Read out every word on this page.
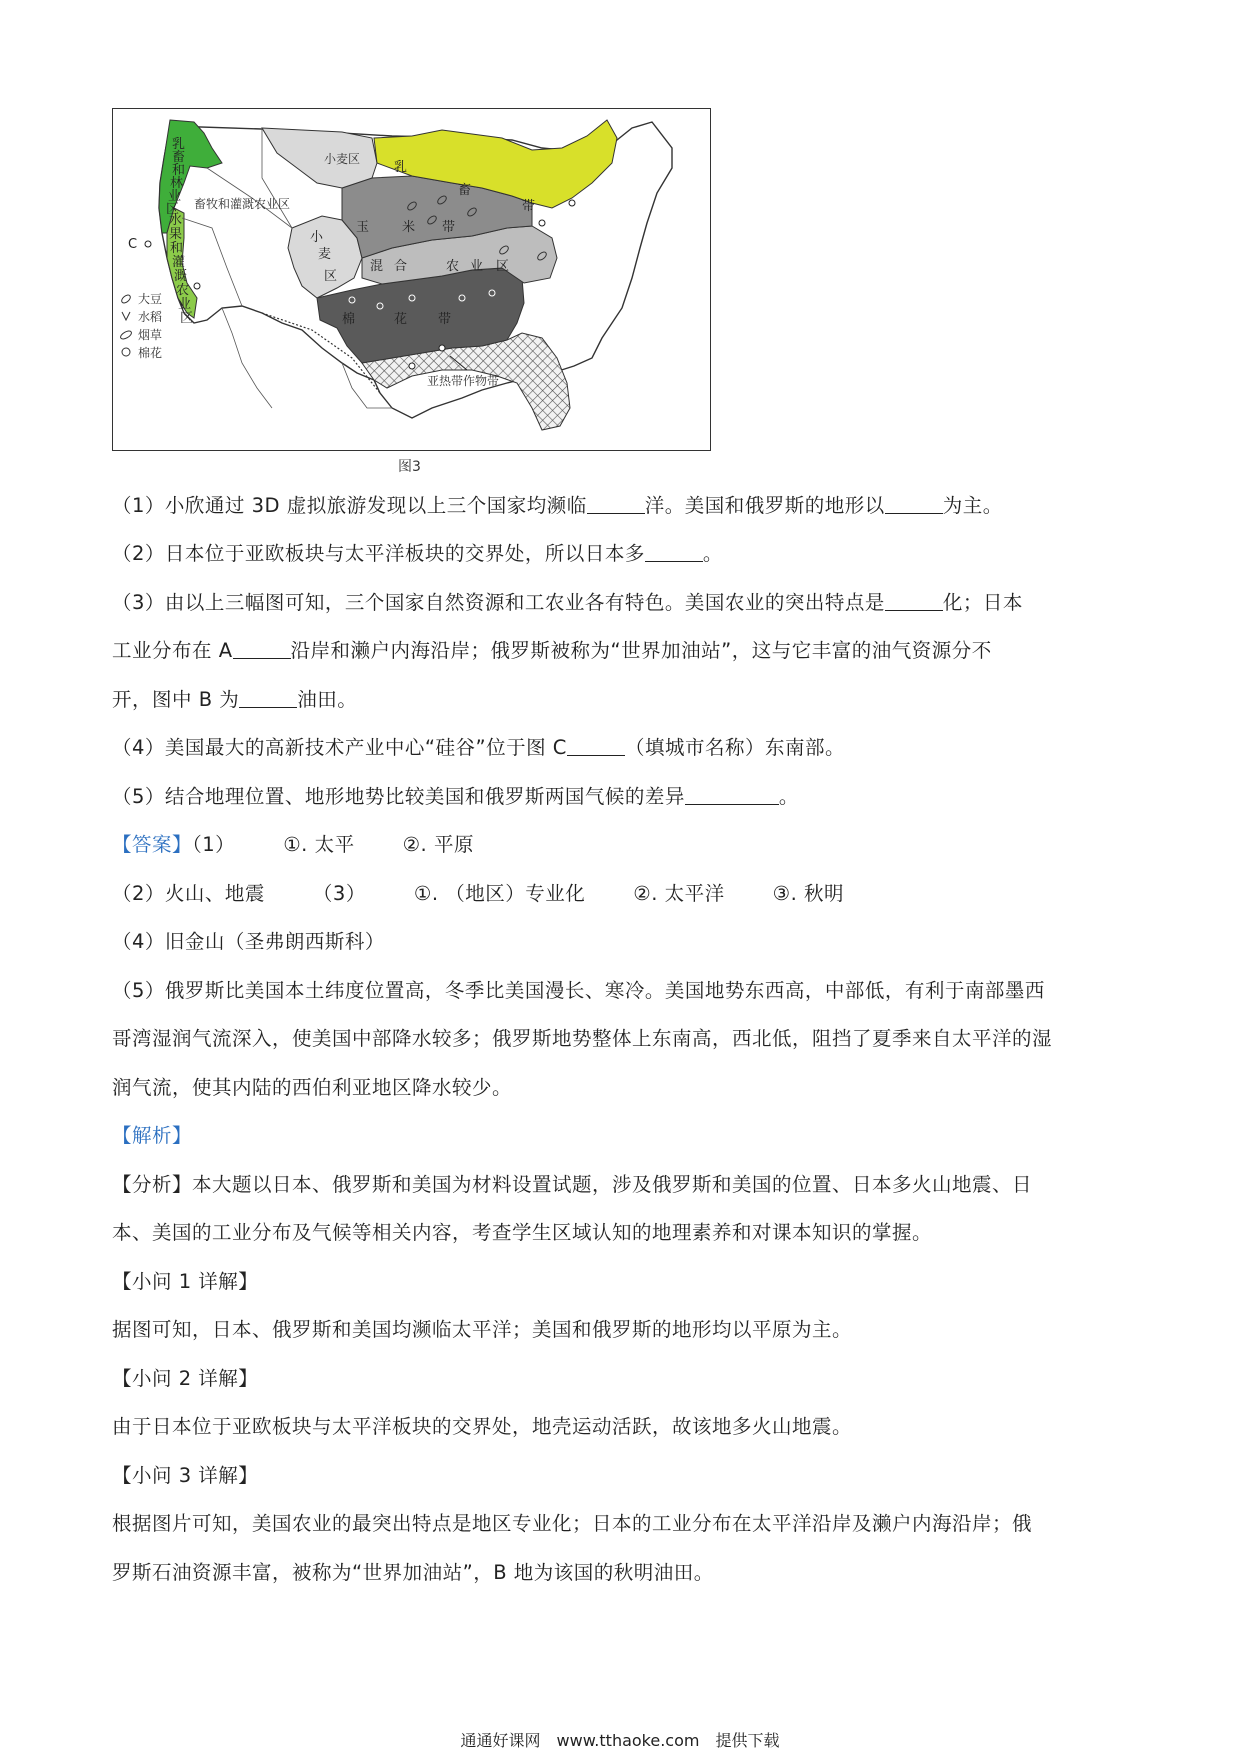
畜牧和灌溉农业区
小麦区
亚热带作物带
C	小
麦
区
乳
畜
带
玉	米 带
混 合	农 业 区
棉	花 带
乳
畜
和
林
业
区
水
果
和
灌
溉
农
业
区
大豆
水稻
烟草
棉花
图3
（1）小欣通过 3D 虚拟旅游发现以上三个国家均濒临	洋。美国和俄罗斯的地形以	为主。
（2）日本位于亚欧板块与太平洋板块的交界处，所以日本多	。
（3）由以上三幅图可知，三个国家自然资源和工农业各有特色。美国农业的突出特点是	化；日本
工业分布在 A	沿岸和濑户内海沿岸；俄罗斯被称为“世界加油站”，这与它丰富的油气资源分不
开，图中 B 为	油田。
（4）美国最大的高新技术产业中心“硅谷”位于图 C	（填城市名称）东南部。
（5）结合地理位置、地形地势比较美国和俄罗斯两国气候的差异	。
【答案】（1） ①. 太平 ②. 平原
（2）火山、地震 （3） ①. （地区）专业化 ②. 太平洋 ③. 秋明
（4）旧金山（圣弗朗西斯科）
（5）俄罗斯比美国本土纬度位置高，冬季比美国漫长、寒冷。美国地势东西高，中部低，有利于南部墨西
哥湾湿润气流深入，使美国中部降水较多；俄罗斯地势整体上东南高，西北低，阻挡了夏季来自太平洋的湿
润气流，使其内陆的西伯利亚地区降水较少。
【解析】
【分析】本大题以日本、俄罗斯和美国为材料设置试题，涉及俄罗斯和美国的位置、日本多火山地震、日
本、美国的工业分布及气候等相关内容，考查学生区域认知的地理素养和对课本知识的掌握。
【小问 1 详解】
据图可知，日本、俄罗斯和美国均濒临太平洋；美国和俄罗斯的地形均以平原为主。
【小问 2 详解】
由于日本位于亚欧板块与太平洋板块的交界处，地壳运动活跃，故该地多火山地震。
【小问 3 详解】
根据图片可知，美国农业的最突出特点是地区专业化；日本的工业分布在太平洋沿岸及濑户内海沿岸；俄
罗斯石油资源丰富，被称为“世界加油站”，B 地为该国的秋明油田。
通通好课网　www.tthaoke.com　提供下载
